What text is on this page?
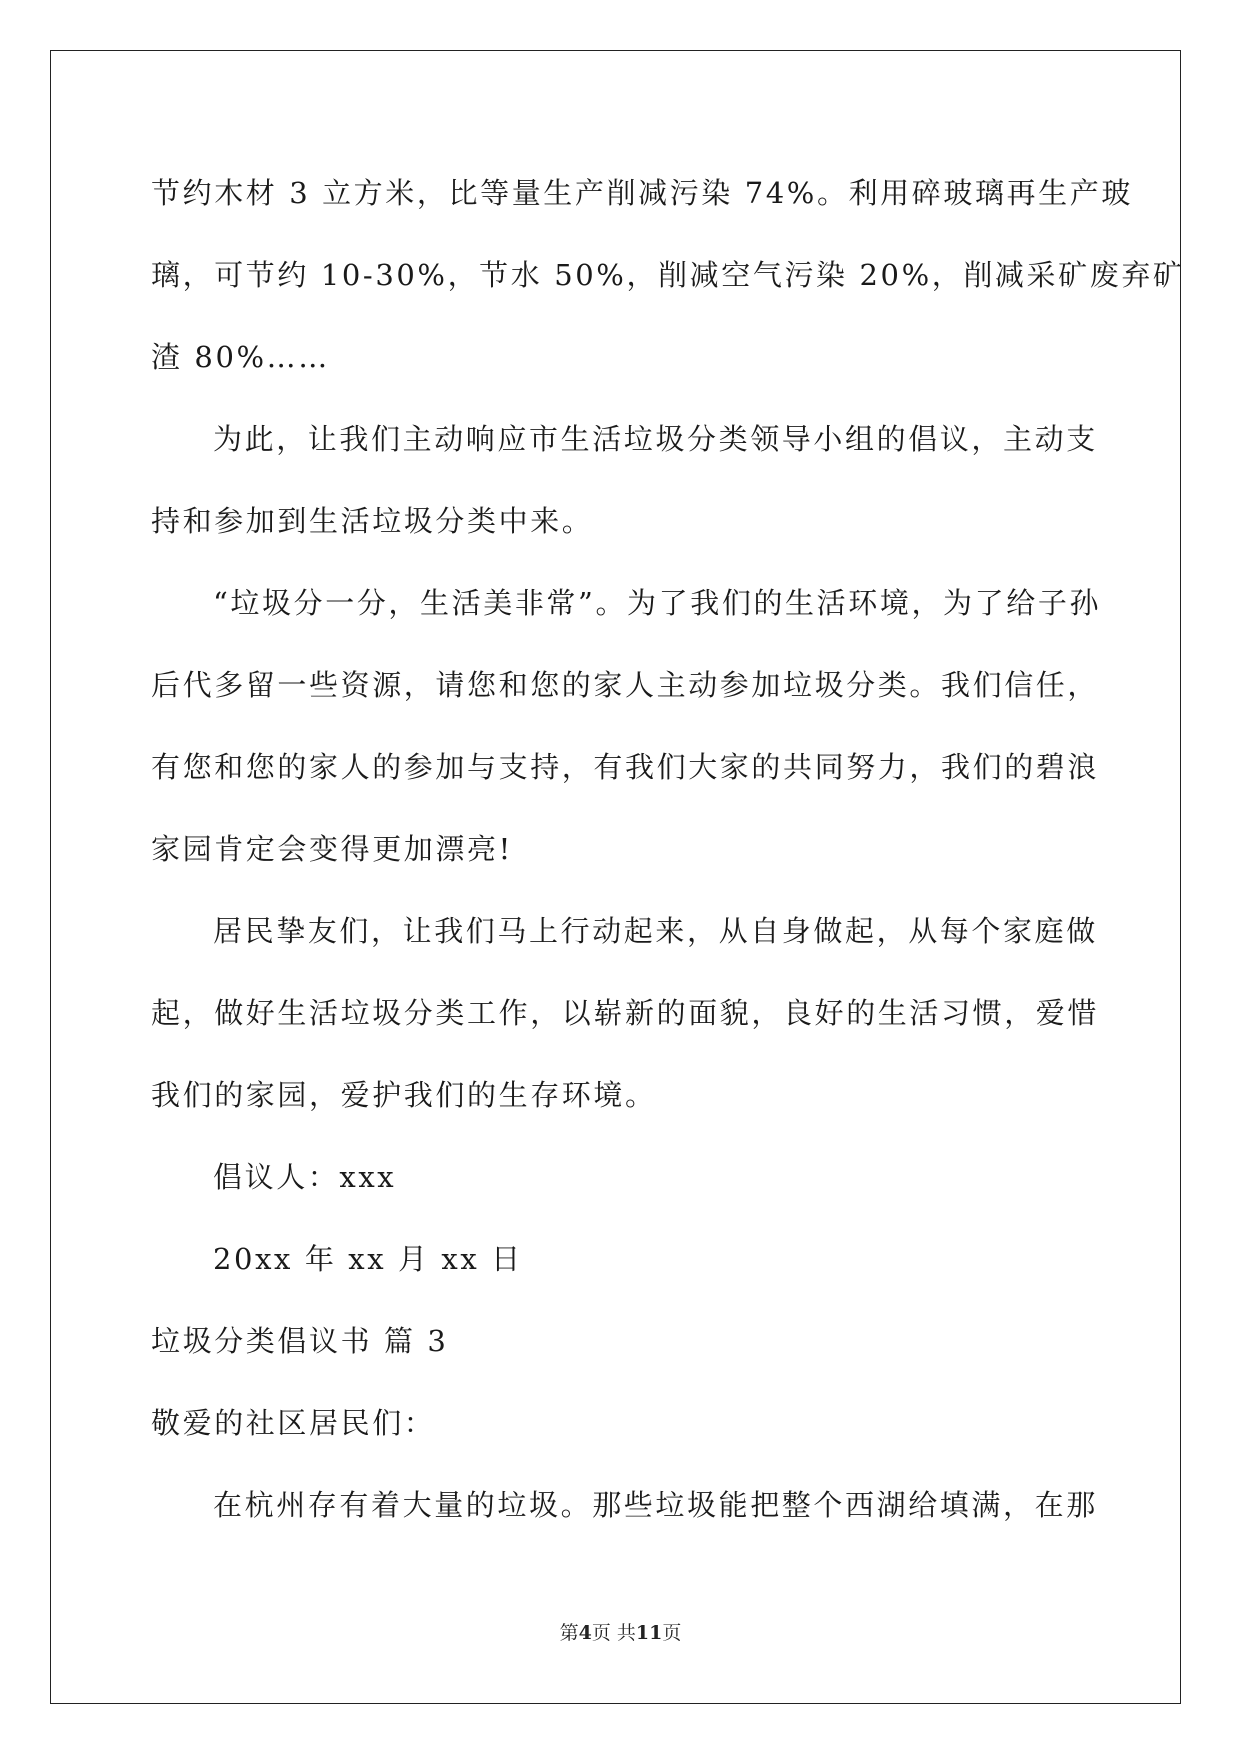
节约木材 3 立方米，比等量生产削减污染 74%。利用碎玻璃再生产玻
璃，可节约 10-30%，节水 50%，削减空气污染 20%，削减采矿废弃矿
渣 80%……
为此，让我们主动响应市生活垃圾分类领导小组的倡议，主动支
持和参加到生活垃圾分类中来。
“垃圾分一分，生活美非常”。为了我们的生活环境，为了给子孙
后代多留一些资源，请您和您的家人主动参加垃圾分类。我们信任，
有您和您的家人的参加与支持，有我们大家的共同努力，我们的碧浪
家园肯定会变得更加漂亮!
居民挚友们，让我们马上行动起来，从自身做起，从每个家庭做
起，做好生活垃圾分类工作，以崭新的面貌，良好的生活习惯，爱惜
我们的家园，爱护我们的生存环境。
倡议人：xxx
20xx 年 xx 月 xx 日
垃圾分类倡议书 篇 3
敬爱的社区居民们：
在杭州存有着大量的垃圾。那些垃圾能把整个西湖给填满，在那
第4页 共11页
